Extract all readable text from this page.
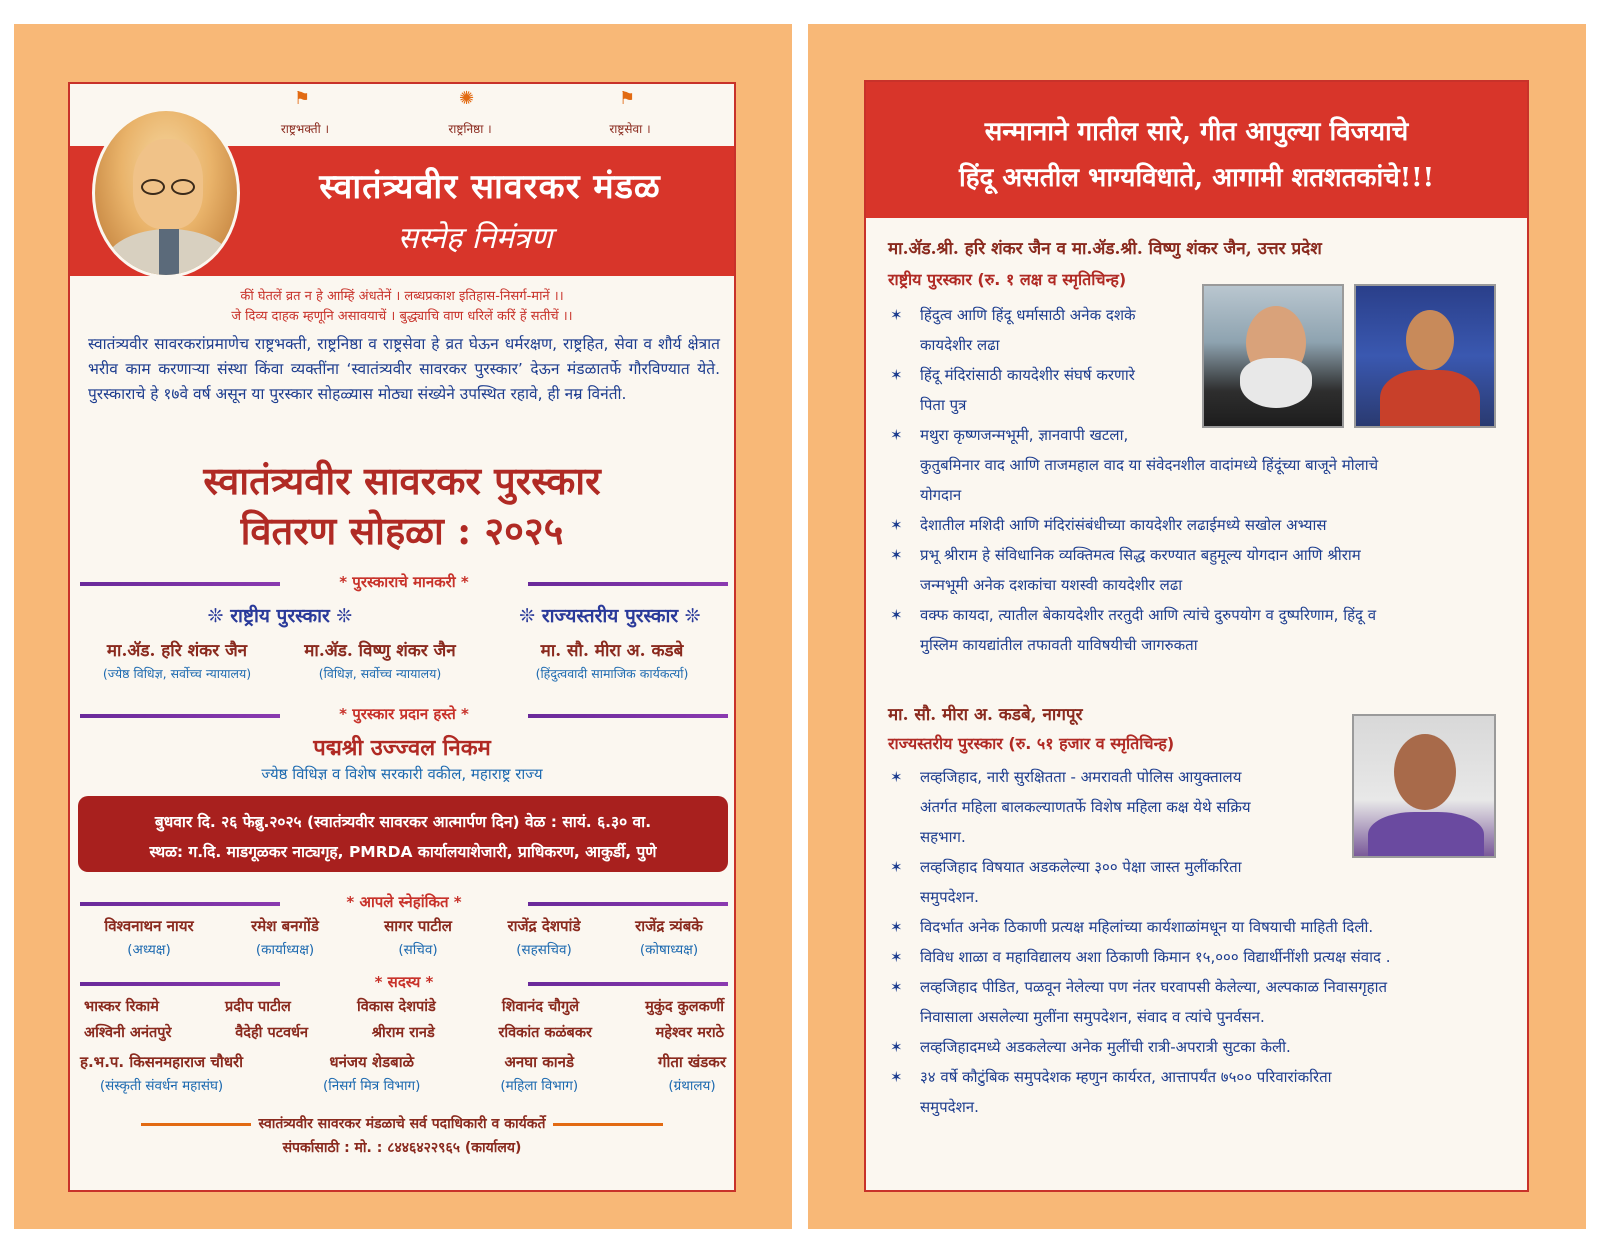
⚑
राष्ट्रभक्ती ।
✺
राष्ट्रनिष्ठा ।
⚑
राष्ट्रसेवा ।
स्वातंत्र्यवीर सावरकर मंडळ
सस्नेह निमंत्रण
कीं घेतलें व्रत न हे आम्हिं अंधतेनें । लब्धप्रकाश इतिहास-निसर्ग-मानें ।।
जे दिव्य दाहक म्हणूनि असावयाचें । बुद्ध्याचि वाण धरिलें करिं हें सतीचें ।।
स्वातंत्र्यवीर सावरकरांप्रमाणेच राष्ट्रभक्ती, राष्ट्रनिष्ठा व राष्ट्रसेवा हे व्रत घेऊन धर्मरक्षण, राष्ट्रहित, सेवा व शौर्य क्षेत्रात भरीव काम करणाऱ्या संस्था किंवा व्यक्तींना ‘स्वातंत्र्यवीर सावरकर पुरस्कार’ देऊन मंडळातर्फे गौरविण्यात येते. पुरस्काराचे हे १७वे वर्ष असून या पुरस्कार सोहळ्यास मोठ्या संख्येने उपस्थित रहावे, ही नम्र विनंती.
स्वातंत्र्यवीर सावरकर पुरस्कार
वितरण सोहळा : २०२५
* पुरस्काराचे मानकरी *
❊ राष्ट्रीय पुरस्कार ❊	❊ राज्यस्तरीय पुरस्कार ❊
मा.ॲड. हरि शंकर जैन
(ज्येष्ठ विधिज्ञ, सर्वोच्च न्यायालय)
मा.ॲड. विष्णु शंकर जैन
(विधिज्ञ, सर्वोच्च न्यायालय)
मा. सौ. मीरा अ. कडबे
(हिंदुत्ववादी सामाजिक कार्यकर्त्या)
* पुरस्कार प्रदान हस्ते *
पद्मश्री उज्ज्वल निकम
ज्येष्ठ विधिज्ञ व विशेष सरकारी वकील, महाराष्ट्र राज्य
बुधवार दि. २६ फेब्रु.२०२५ (स्वातंत्र्यवीर सावरकर आत्मार्पण दिन) वेळ : सायं. ६.३० वा.
स्थळ: ग.दि. माडगूळकर नाट्यगृह, PMRDA कार्यालयाशेजारी, प्राधिकरण, आकुर्डी, पुणे
* आपले स्नेहांकित *
विश्वनाथन नायर
(अध्यक्ष)
रमेश बनगोंडे
(कार्याध्यक्ष)
सागर पाटील
(सचिव)
राजेंद्र देशपांडे
(सहसचिव)
राजेंद्र त्र्यंबके
(कोषाध्यक्ष)
* सदस्य *
भास्कर रिकामे	प्रदीप पाटील	विकास देशपांडे	शिवानंद चौगुले	मुकुंद कुलकर्णी
अश्विनी अनंतपुरे	वैदेही पटवर्धन	श्रीराम रानडे	रविकांत कळंबकर	महेश्वर मराठे
ह.भ.प. किसनमहाराज चौधरी
(संस्कृती संवर्धन महासंघ)
धनंजय शेडबाळे
(निसर्ग मित्र विभाग)
अनघा कानडे
(महिला विभाग)
गीता खंडकर
(ग्रंथालय)
स्वातंत्र्यवीर सावरकर मंडळाचे सर्व पदाधिकारी व कार्यकर्ते
संपर्कासाठी : मो. : ८४४६४२२९६५ (कार्यालय)
सन्मानाने गातील सारे, गीत आपुल्या विजयाचे
हिंदू असतील भाग्यविधाते, आगामी शतशतकांचे!!!
मा.ॲड.श्री. हरि शंकर जैन व मा.ॲड.श्री. विष्णु शंकर जैन, उत्तर प्रदेश
राष्ट्रीय पुरस्कार (रु. १ लक्ष व स्मृतिचिन्ह)
✶ हिंदुत्व आणि हिंदू धर्मासाठी अनेक दशके
कायदेशीर लढा
✶ हिंदू मंदिरांसाठी कायदेशीर संघर्ष करणारे
पिता पुत्र
✶ मथुरा कृष्णजन्मभूमी, ज्ञानवापी खटला,
कुतुबमिनार वाद आणि ताजमहाल वाद या संवेदनशील वादांमध्ये हिंदूंच्या बाजूने मोलाचे
योगदान
✶ देशातील मशिदी आणि मंदिरांसंबंधीच्या कायदेशीर लढाईमध्ये सखोल अभ्यास
✶ प्रभू श्रीराम हे संविधानिक व्यक्तिमत्व सिद्ध करण्यात बहुमूल्य योगदान आणि श्रीराम
जन्मभूमी अनेक दशकांचा यशस्वी कायदेशीर लढा
✶ वक्फ कायदा, त्यातील बेकायदेशीर तरतुदी आणि त्यांचे दुरुपयोग व दुष्परिणाम, हिंदू व
मुस्लिम कायद्यांतील तफावती याविषयीची जागरुकता
मा. सौ. मीरा अ. कडबे, नागपूर
राज्यस्तरीय पुरस्कार (रु. ५१ हजार व स्मृतिचिन्ह)
✶ लव्हजिहाद, नारी सुरक्षितता - अमरावती पोलिस आयुक्तालय
अंतर्गत महिला बालकल्याणतर्फे विशेष महिला कक्ष येथे सक्रिय
सहभाग.
✶ लव्हजिहाद विषयात अडकलेल्या ३०० पेक्षा जास्त मुलींकरिता
समुपदेशन.
✶ विदर्भात अनेक ठिकाणी प्रत्यक्ष महिलांच्या कार्यशाळांमधून या विषयाची माहिती दिली.
✶ विविध शाळा व महाविद्यालय अशा ठिकाणी किमान १५,००० विद्यार्थीनींशी प्रत्यक्ष संवाद .
✶ लव्हजिहाद पीडित, पळवून नेलेल्या पण नंतर घरवापसी केलेल्या, अल्पकाळ निवासगृहात
निवासाला असलेल्या मुलींना समुपदेशन, संवाद व त्यांचे पुनर्वसन.
✶ लव्हजिहादमध्ये अडकलेल्या अनेक मुलींची रात्री-अपरात्री सुटका केली.
✶ ३४ वर्षे कौटुंबिक समुपदेशक म्हणुन कार्यरत, आत्तापर्यंत ७५०० परिवारांकरिता
समुपदेशन.
